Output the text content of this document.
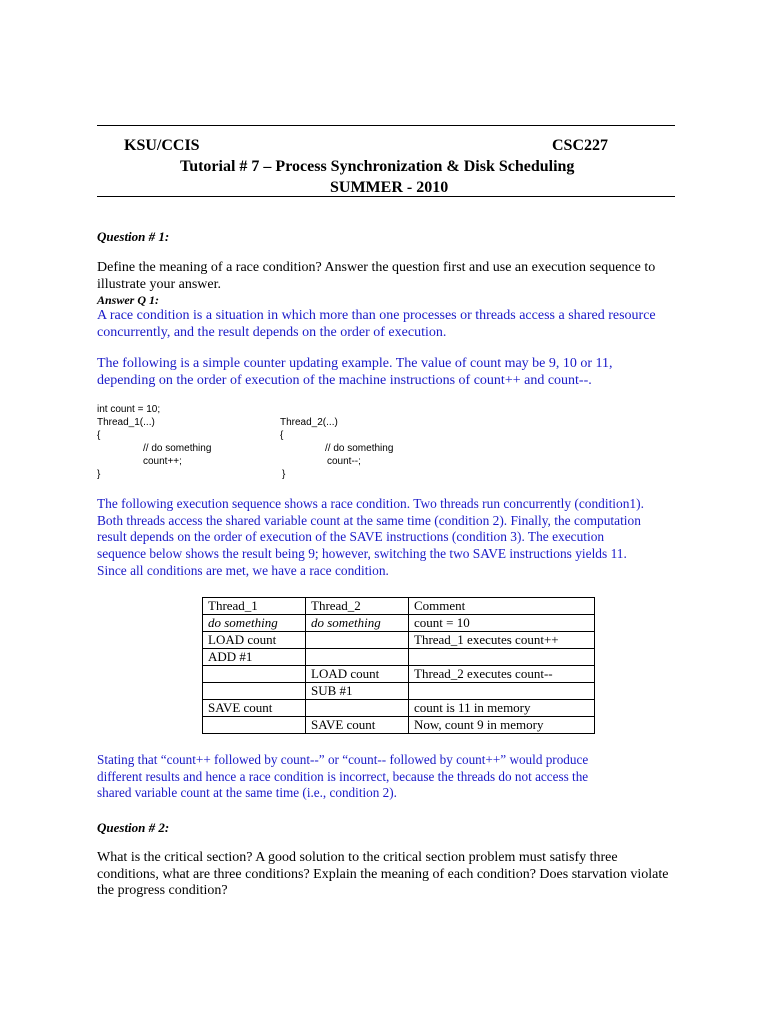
KSU/CCIS	CSC227
Tutorial # 7 – Process Synchronization & Disk Scheduling
SUMMER - 2010
Question # 1:
Define the meaning of a race condition? Answer the question first and use an execution sequence to
illustrate your answer.
Answer Q 1:
A race condition is a situation in which more than one processes or threads access a shared resource
concurrently, and the result depends on the order of execution.
The following is a simple counter updating example. The value of count may be 9, 10 or 11,
depending on the order of execution of the machine instructions of count++ and count--.
int count = 10;
Thread_1(...)
{
// do something
count++;
}
Thread_2(...)
{
// do something
count--;
}
The following execution sequence shows a race condition. Two threads run concurrently (condition1).
Both threads access the shared variable count at the same time (condition 2). Finally, the computation
result depends on the order of execution of the SAVE instructions (condition 3). The execution
sequence below shows the result being 9; however, switching the two SAVE instructions yields 11.
Since all conditions are met, we have a race condition.
Thread_1	Thread_2	Comment
do something	do something	count = 10
LOAD count		Thread_1 executes count++
ADD #1		
	LOAD count	Thread_2 executes count--
	SUB #1	
SAVE count		count is 11 in memory
	SAVE count	Now, count 9 in memory
Stating that “count++ followed by count--” or “count-- followed by count++” would produce
different results and hence a race condition is incorrect, because the threads do not access the
shared variable count at the same time (i.e., condition 2).
Question # 2:
What is the critical section? A good solution to the critical section problem must satisfy three
conditions, what are three conditions? Explain the meaning of each condition? Does starvation violate
the progress condition?
